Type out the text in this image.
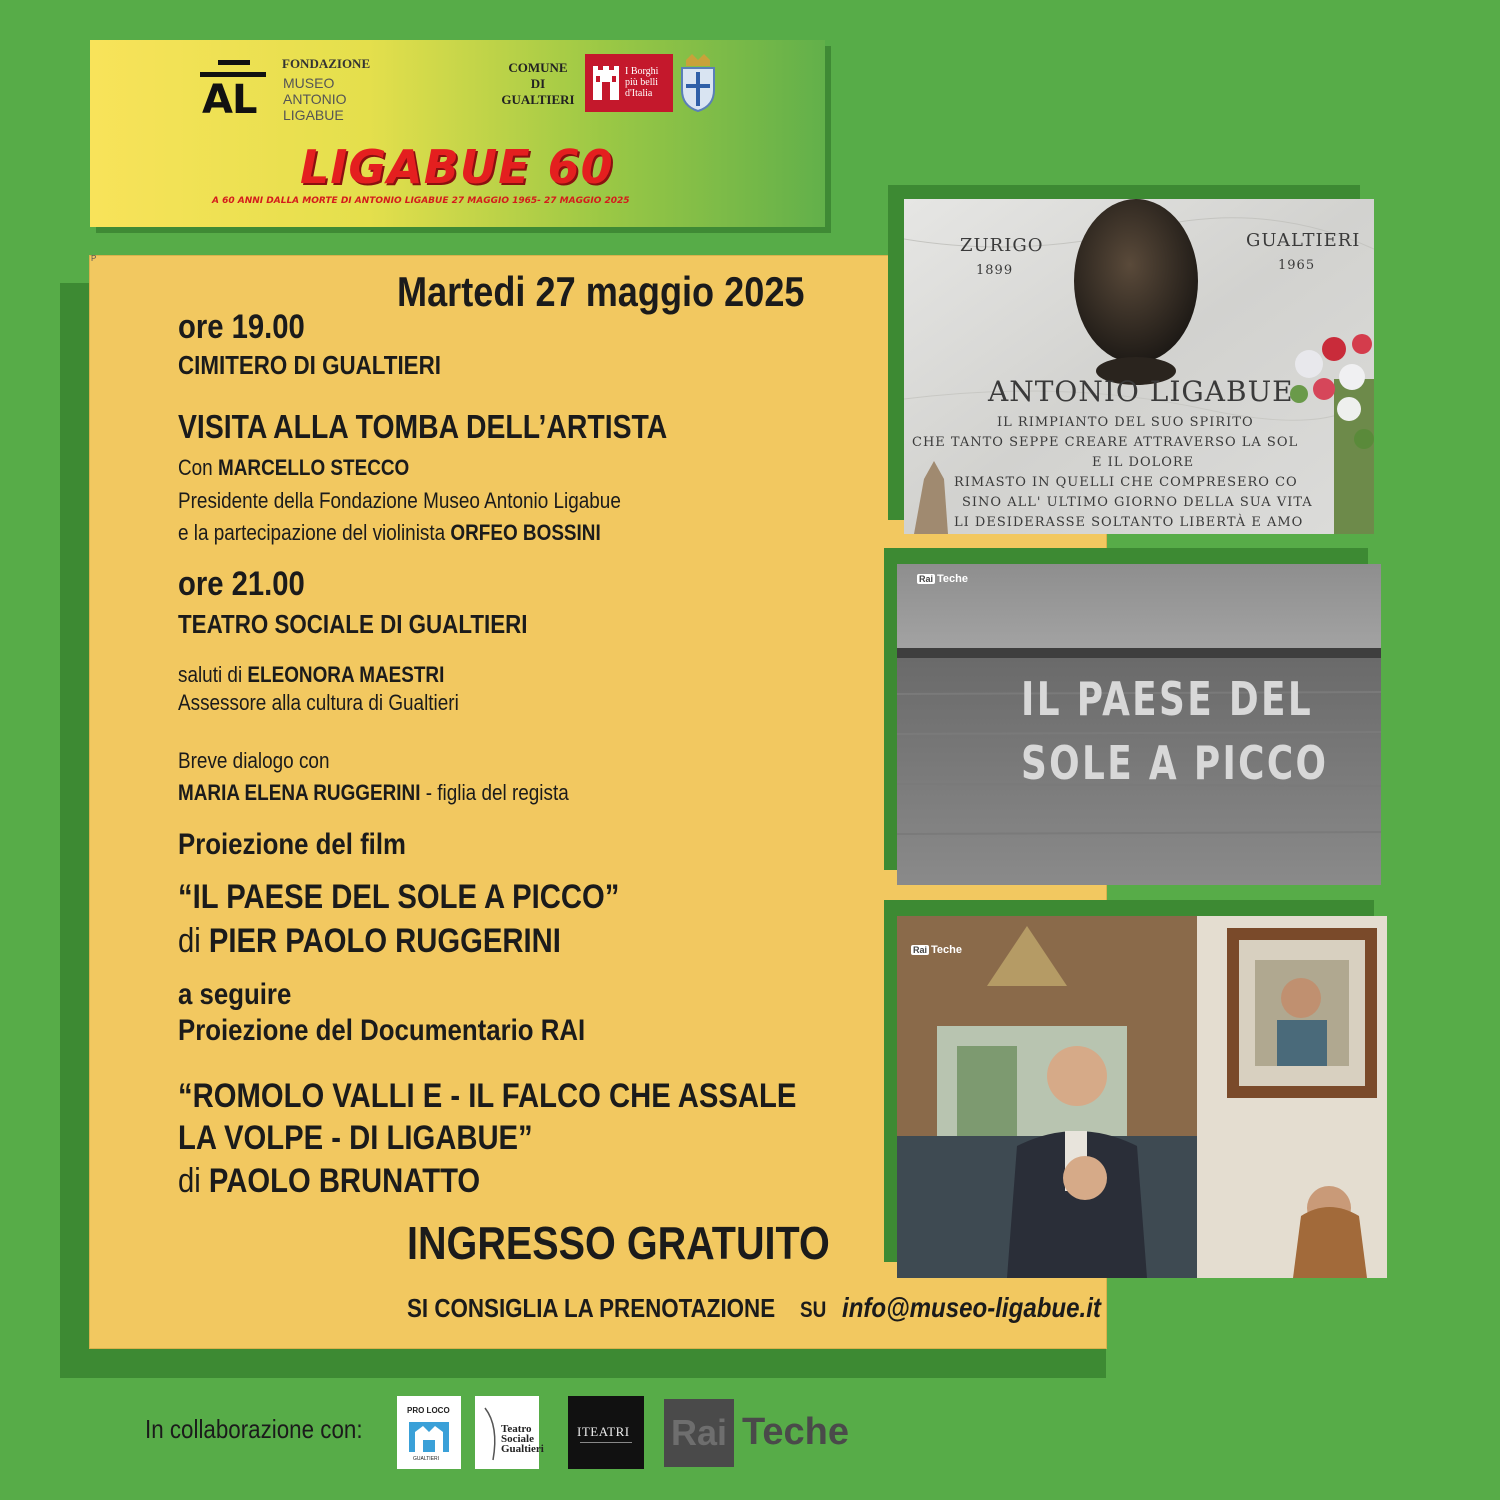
AL
FONDAZIONE
MUSEO
ANTONIO
LIGABUE
COMUNE
DI
GUALTIERI
I Borghi
più belli
d'Italia
LIGABUE 60
A 60 ANNI DALLA MORTE DI ANTONIO LIGABUE 27 MAGGIO 1965- 27 MAGGIO 2025
ZURIGO
1899
GUALTIERI
1965
ANTONIO LIGABUE
IL RIMPIANTO DEL SUO SPIRITO
CHE TANTO SEPPE CREARE ATTRAVERSO LA SOL
E IL DOLORE
RIMASTO IN QUELLI CHE COMPRESERO CO
SINO ALL' ULTIMO GIORNO DELLA SUA VITA
LI DESIDERASSE SOLTANTO LIBERTÀ E AMO
Rai Teche
IL PAESE DEL
SOLE A PICCO
Rai Teche
P
Martedi 27 maggio 2025
ore 19.00
CIMITERO DI GUALTIERI
VISITA ALLA TOMBA DELL’ARTISTA
Con MARCELLO STECCO
Presidente della Fondazione Museo Antonio Ligabue
e la partecipazione del violinista ORFEO BOSSINI
ore 21.00
TEATRO SOCIALE DI GUALTIERI
saluti di ELEONORA MAESTRI
Assessore alla cultura di Gualtieri
Breve dialogo con
MARIA ELENA RUGGERINI - figlia del regista
Proiezione del film
“IL PAESE DEL SOLE A PICCO”
di PIER PAOLO RUGGERINI
a seguire
Proiezione del Documentario RAI
“ROMOLO VALLI E - IL FALCO CHE ASSALE
LA VOLPE - DI LIGABUE”
di PAOLO BRUNATTO
INGRESSO GRATUITO
SI CONSIGLIA LA PRENOTAZIONE	SU info@museo-ligabue.it
In collaborazione con:
PRO LOCO
GUALTIERI
Teatro
Sociale
Gualtieri
ITEATRI Rai Teche
